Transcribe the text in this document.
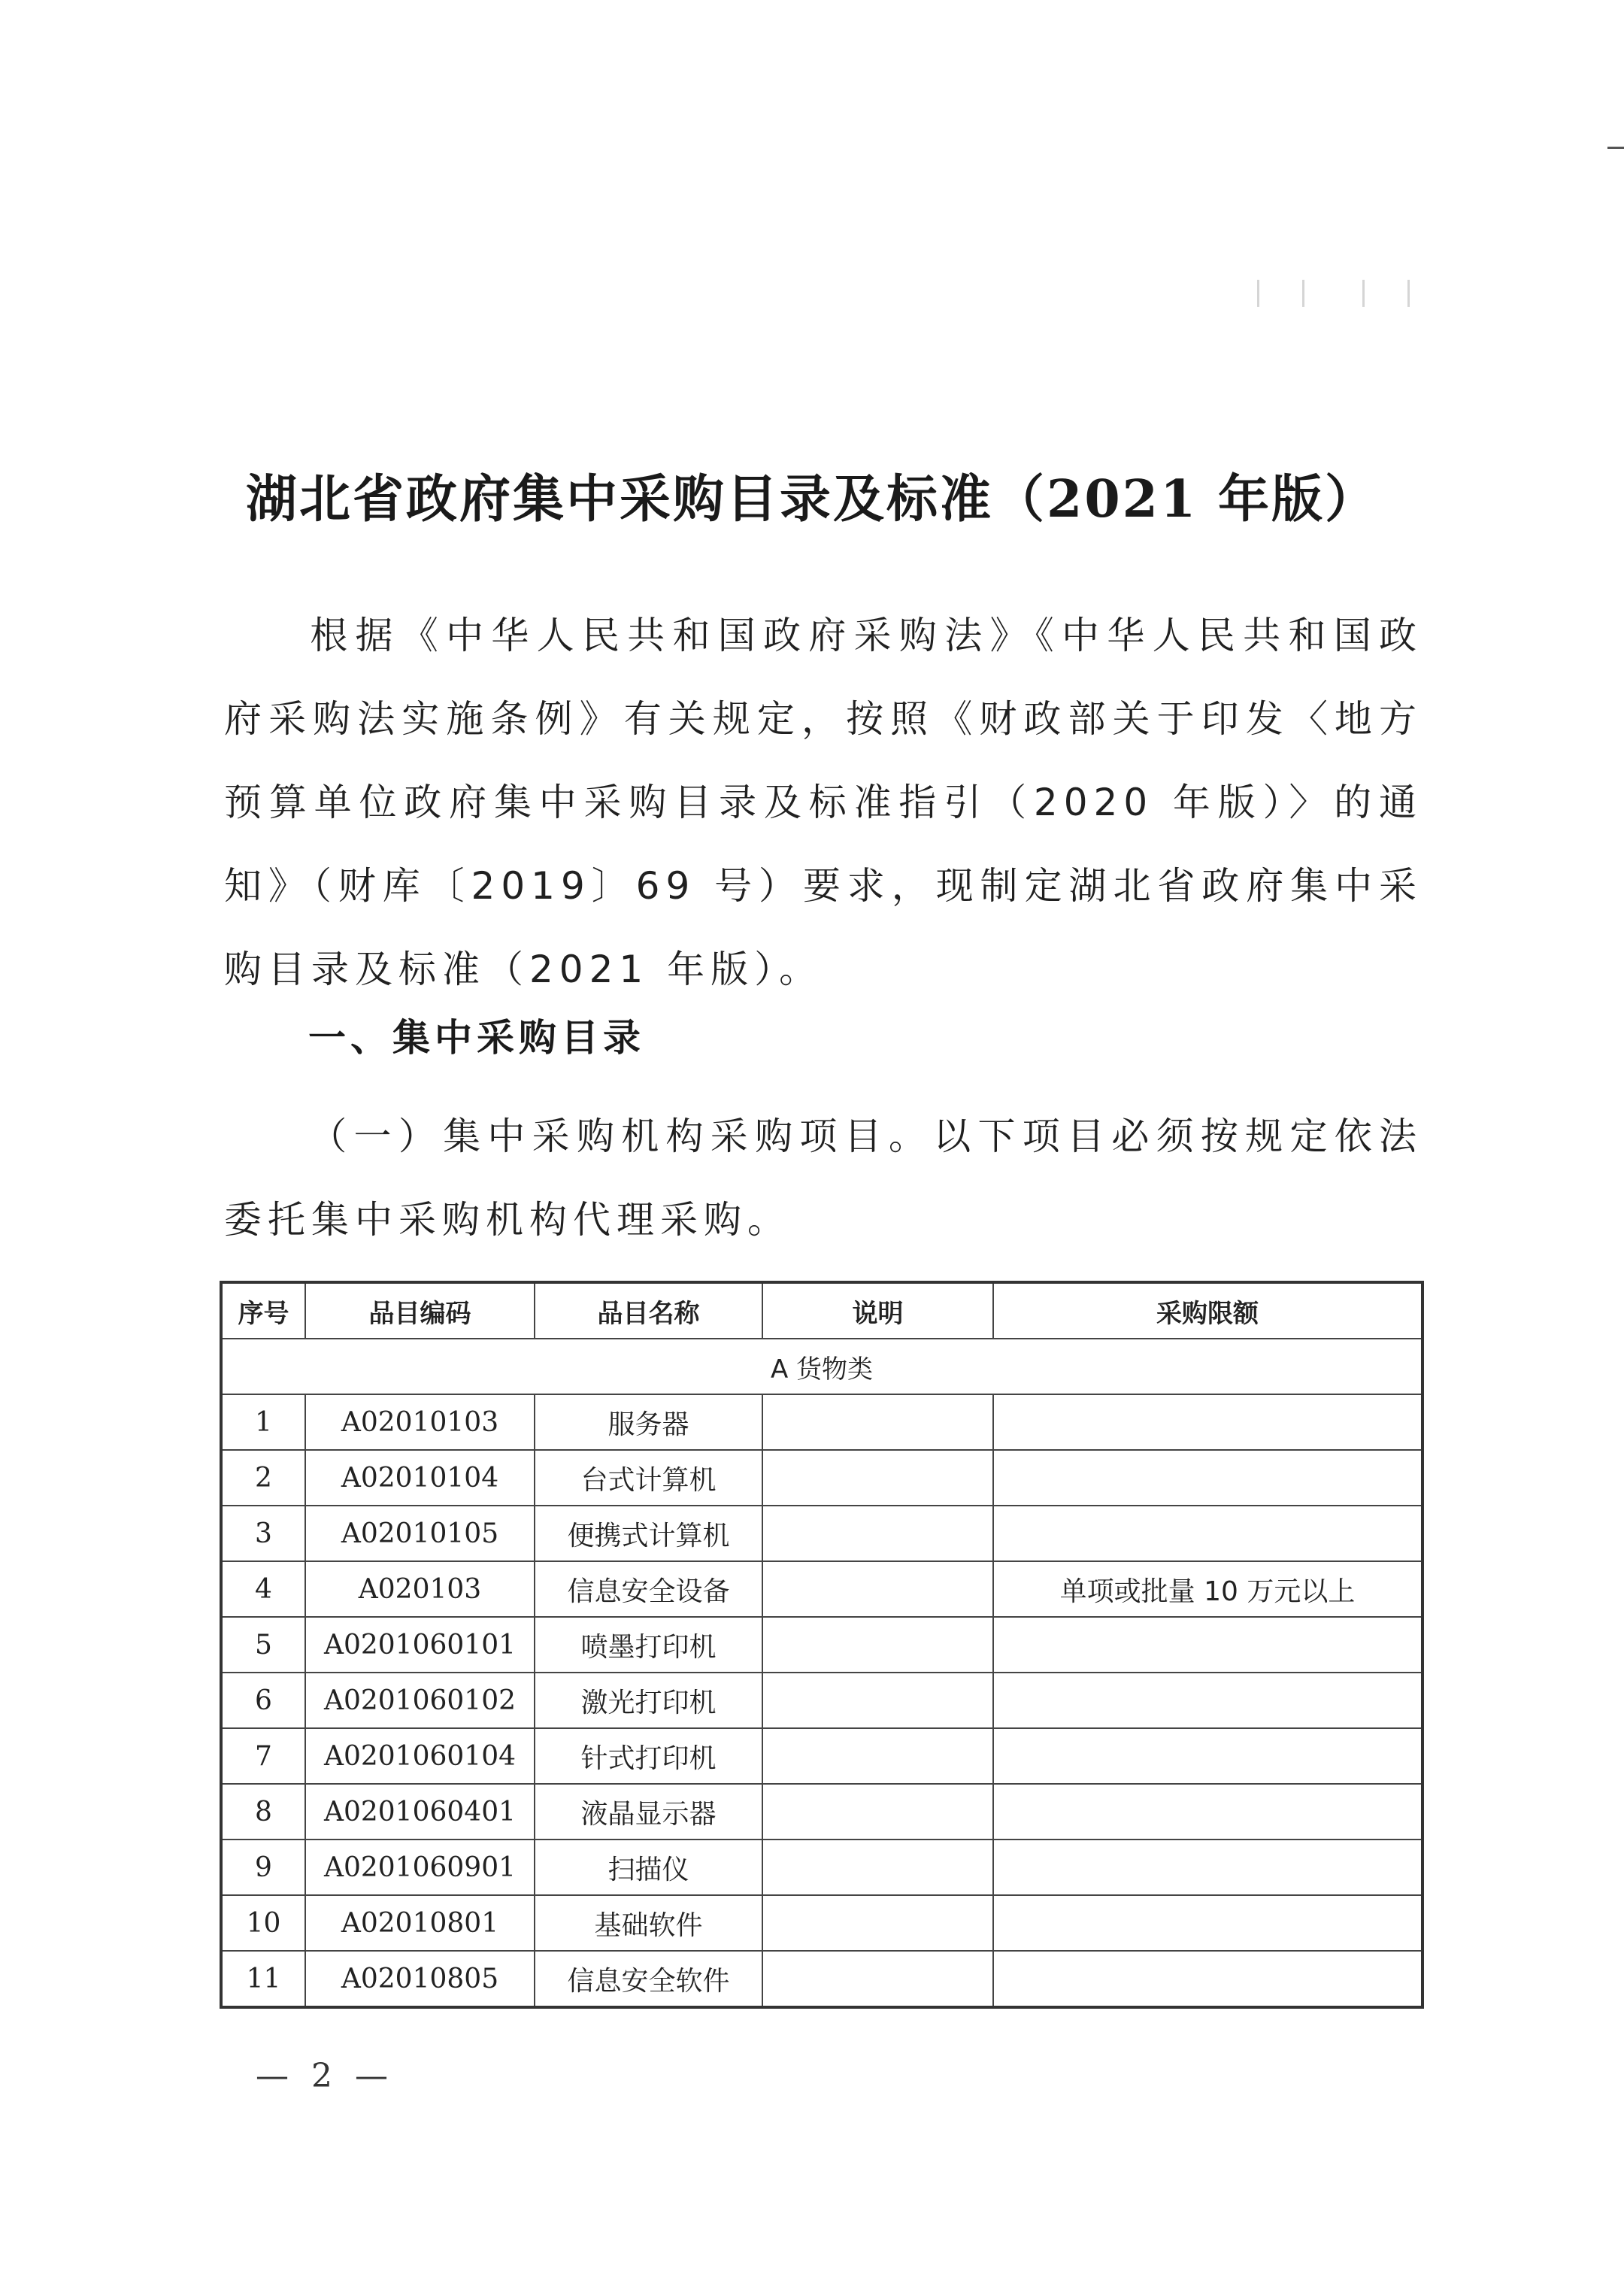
湖北省政府集中采购目录及标准（2021 年版）
根据《中华人民共和国政府采购法》《中华人民共和国政府采购法实施条例》有关规定，按照《财政部关于印发〈地方预算单位政府集中采购目录及标准指引（2020 年版）〉的通知》（财库〔2019〕69 号）要求，现制定湖北省政府集中采购目录及标准（2021 年版）。
一、集中采购目录
（一）集中采购机构采购项目。以下项目必须按规定依法委托集中采购机构代理采购。
序号	品目编码	品目名称	说明	采购限额
A 货物类				
1	A02010103	服务器		
2	A02010104	台式计算机		
3	A02010105	便携式计算机		
4	A020103	信息安全设备		单项或批量 10 万元以上
5	A0201060101	喷墨打印机		
6	A0201060102	激光打印机		
7	A0201060104	针式打印机		
8	A0201060401	液晶显示器		
9	A0201060901	扫描仪		
10	A02010801	基础软件		
11	A02010805	信息安全软件		
— 2 —
